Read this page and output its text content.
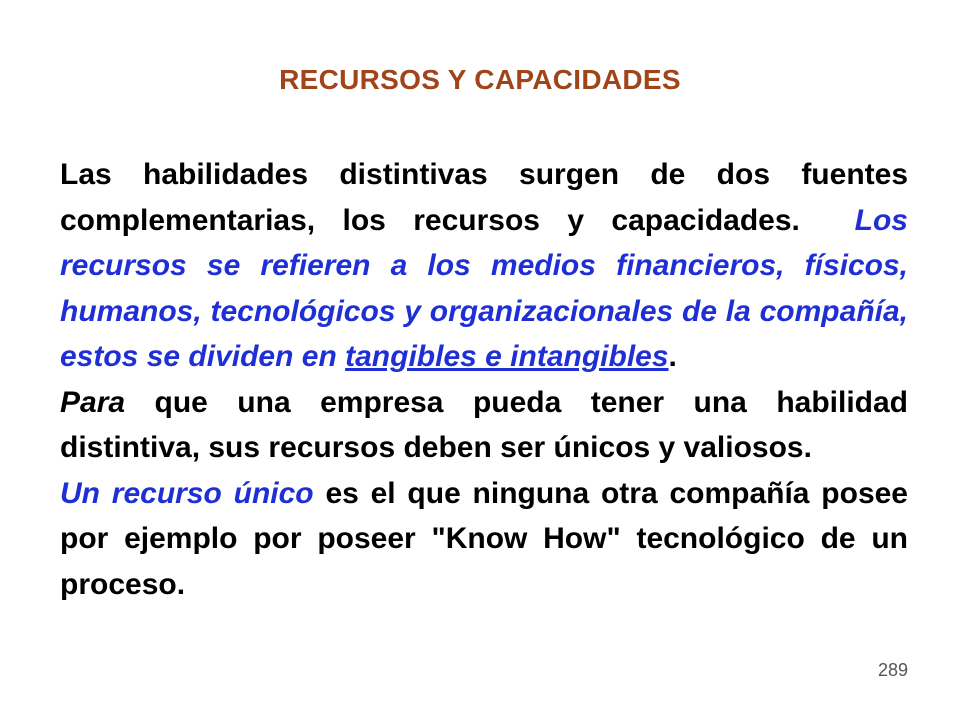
RECURSOS Y CAPACIDADES

Las habilidades distintivas surgen de dos fuentes complementarias, los recursos y capacidades. Los recursos se refieren a los medios financieros, físicos, humanos, tecnológicos y organizacionales de la compañía, estos se dividen en tangibles e intangibles.

Para que una empresa pueda tener una habilidad distintiva, sus recursos deben ser únicos y valiosos.

Un recurso único es el que ninguna otra compañía posee por ejemplo por poseer "Know How" tecnológico de un proceso.

289
